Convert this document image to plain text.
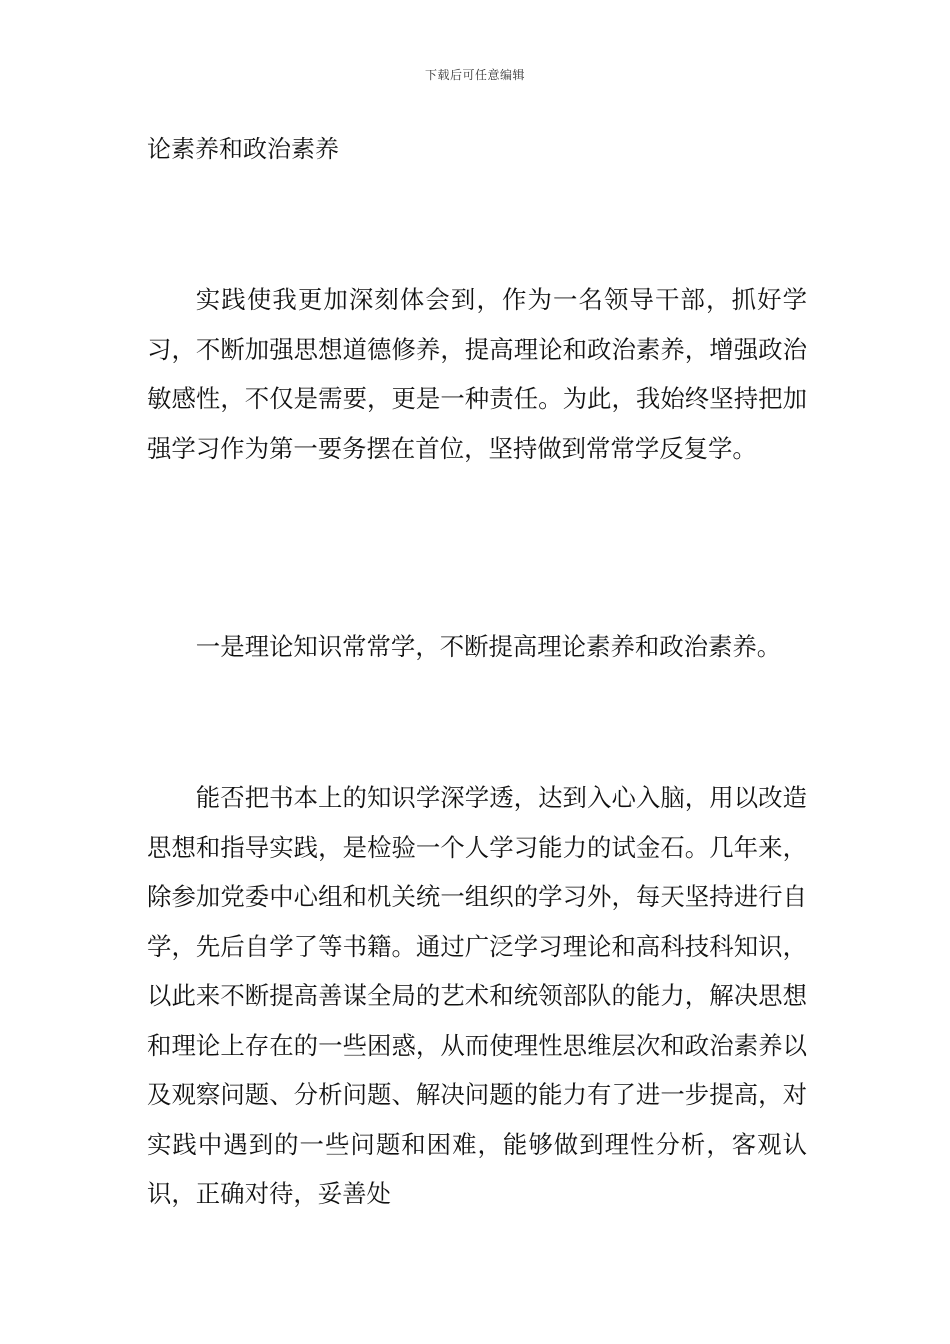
下载后可任意编辑
论素养和政治素养

实践使我更加深刻体会到，作为一名领导干部，抓好学习，不断加强思想道德修养，提高理论和政治素养，增强政治敏感性，不仅是需要，更是一种责任。为此，我始终坚持把加强学习作为第一要务摆在首位，坚持做到常常学反复学。

一是理论知识常常学，不断提高理论素养和政治素养。

能否把书本上的知识学深学透，达到入心入脑，用以改造思想和指导实践，是检验一个人学习能力的试金石。几年来，除参加党委中心组和机关统一组织的学习外，每天坚持进行自学，先后自学了等书籍。通过广泛学习理论和高科技科知识，以此来不断提高善谋全局的艺术和统领部队的能力，解决思想和理论上存在的一些困惑，从而使理性思维层次和政治素养以及观察问题、分析问题、解决问题的能力有了进一步提高，对实践中遇到的一些问题和困难，能够做到理性分析，客观认识，正确对待，妥善处
